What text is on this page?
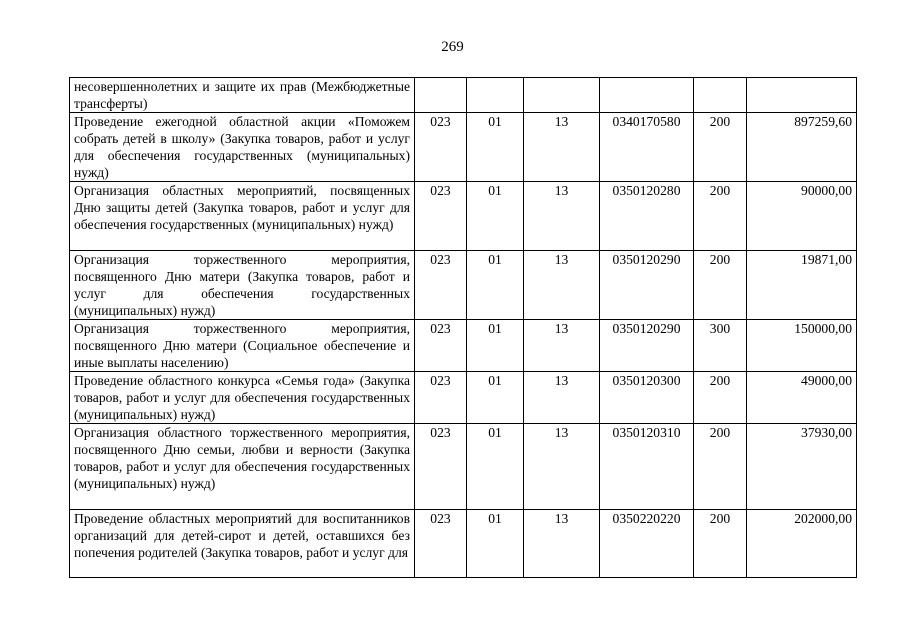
269
несовершеннолетних и защите их прав (Межбюджетные трансферты)						
Проведение ежегодной областной акции «Поможем собрать детей в школу» (Закупка товаров, работ и услуг для обеспечения государственных (муниципальных) нужд)	023	01	13	0340170580	200	897259,60
Организация областных мероприятий, посвященных Дню защиты детей (Закупка товаров, работ и услуг для обеспечения государственных (муниципальных) нужд)	023	01	13	0350120280	200	90000,00
Организация торжественного мероприятия, посвященного Дню матери (Закупка товаров, работ и услуг для обеспечения государственных (муниципальных) нужд)	023	01	13	0350120290	200	19871,00
Организация торжественного мероприятия, посвященного Дню матери (Социальное обеспечение и иные выплаты населению)	023	01	13	0350120290	300	150000,00
Проведение областного конкурса «Семья года» (Закупка товаров, работ и услуг для обеспечения государственных (муниципальных) нужд)	023	01	13	0350120300	200	49000,00
Организация областного торжественного мероприятия, посвященного Дню семьи, любви и верности (Закупка товаров, работ и услуг для обеспечения государственных (муниципальных) нужд)	023	01	13	0350120310	200	37930,00
Проведение областных мероприятий для воспитанников организаций для детей-сирот и детей, оставшихся без попечения родителей (Закупка товаров, работ и услуг для	023	01	13	0350220220	200	202000,00
